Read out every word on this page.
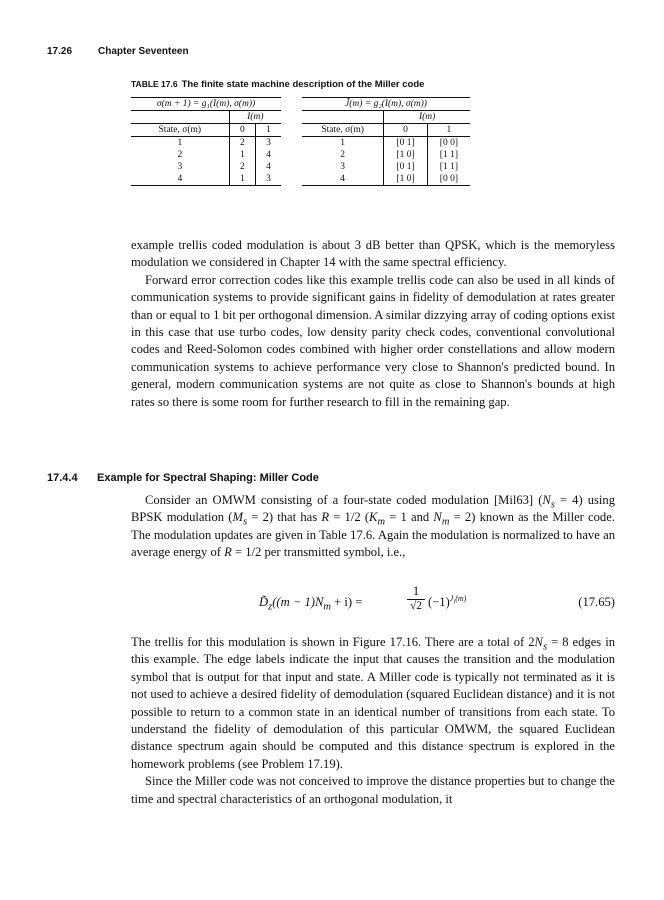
17.26	Chapter Seventeen
TABLE 17.6 The finite state machine description of the Miller code
σ(m + 1) = g₁(I(m), σ(m))		
	I(m)	
State, σ(m)	0	1
1	2	3
2	1	4
3	2	4
4	1	3
J̃(m) = g₂(I(m), σ(m))		
	I(m)	
State, σ(m)	0	1
1	[0 1]	[0 0]
2	[1 0]	[1 1]
3	[0 1]	[1 1]
4	[1 0]	[0 0]

example trellis coded modulation is about 3 dB better than QPSK, which is the memoryless modulation we considered in Chapter 14 with the same spectral efficiency.

Forward error correction codes like this example trellis code can also be used in all kinds of communication systems to provide significant gains in fidelity of demodulation at rates greater than or equal to 1 bit per orthogonal dimension. A similar dizzying array of coding options exist in this case that use turbo codes, low density parity check codes, conventional convolutional codes and Reed-Solomon codes combined with higher order constellations and allow modern communication systems to achieve performance very close to Shannon's predicted bound. In general, modern communication systems are not quite as close to Shannon's bounds at high rates so there is some room for further research to fill in the remaining gap.

17.4.4 Example for Spectral Shaping: Miller Code

Consider an OMWM consisting of a four-state coded modulation [Mil63] $(N_s = 4)$ using BPSK modulation $(M_s = 2)$ that has R = 1/2 ($K_m = 1$ and $N_m = 2$) known as the Miller code. The modulation updates are given in Table 17.6. Again the modulation is normalized to have an average energy of R = 1/2 per transmitted symbol, i.e.,

$D̃_z((m - 1)N_m + i)$ =	$\frac{1}{√2} (-1)^{J_i(m)}$	(17.65)

The trellis for this modulation is shown in Figure 17.16. There are a total of $2N_s = 8$ edges in this example. The edge labels indicate the input that causes the transition and the modulation symbol that is output for that input and state. A Miller code is typically not terminated as it is not used to achieve a desired fidelity of demodulation (squared Euclidean distance) and it is not possible to return to a common state in an identical number of transitions from each state. To understand the fidelity of demodulation of this particular OMWM, the squared Euclidean distance spectrum again should be computed and this distance spectrum is explored in the homework problems (see Problem 17.19).

Since the Miller code was not conceived to improve the distance properties but to change the time and spectral characteristics of an orthogonal modulation, it
